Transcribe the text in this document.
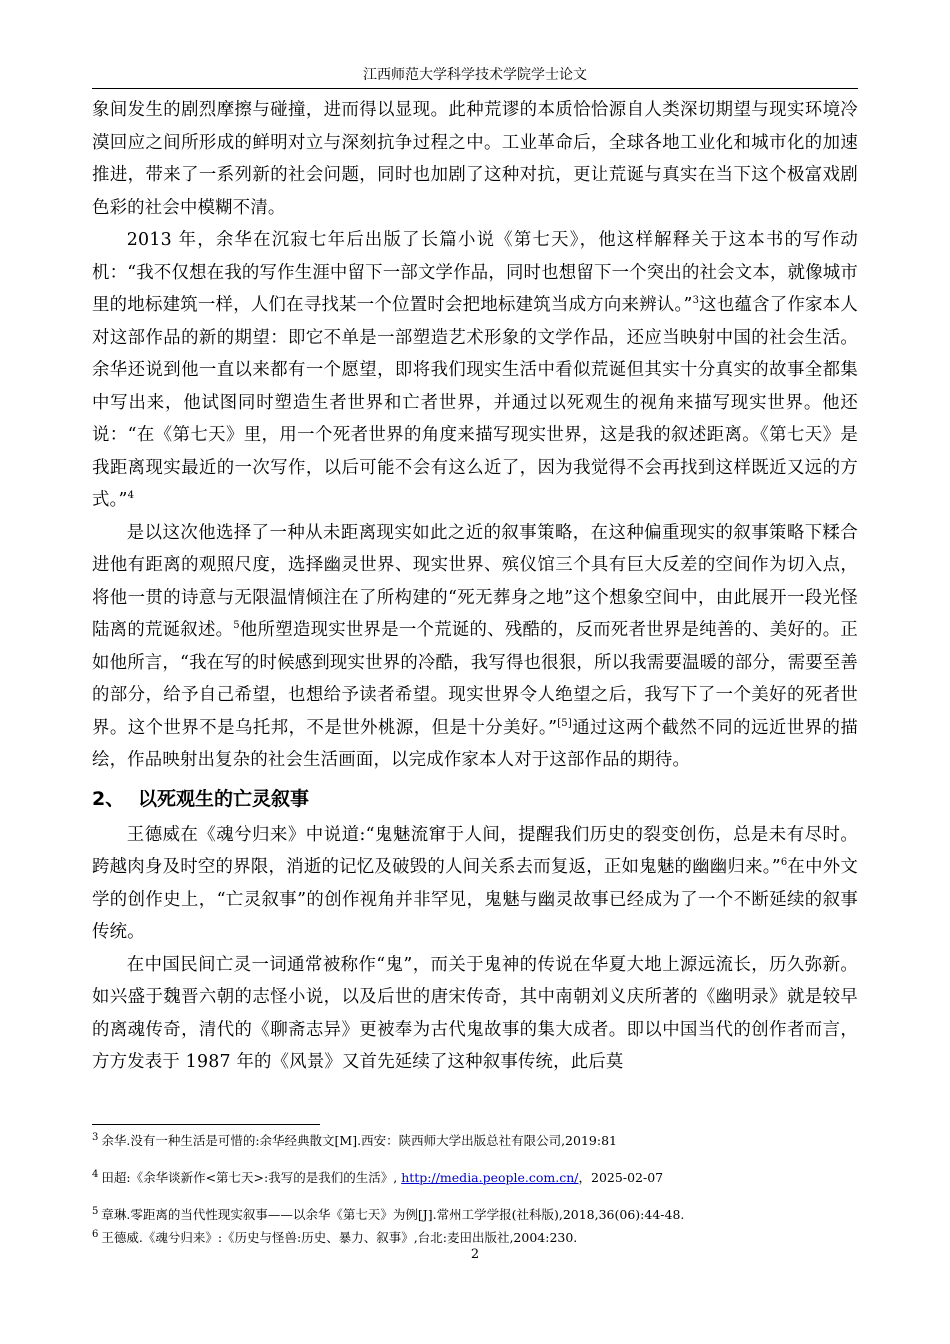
江西师范大学科学技术学院学士论文

象间发生的剧烈摩擦与碰撞，进而得以显现。此种荒谬的本质恰恰源自人类深切期望与现实环境冷漠回应之间所形成的鲜明对立与深刻抗争过程之中。工业革命后，全球各地工业化和城市化的加速推进，带来了一系列新的社会问题，同时也加剧了这种对抗，更让荒诞与真实在当下这个极富戏剧色彩的社会中模糊不清。

2013 年，余华在沉寂七年后出版了长篇小说《第七天》，他这样解释关于这本书的写作动机：“我不仅想在我的写作生涯中留下一部文学作品，同时也想留下一个突出的社会文本，就像城市里的地标建筑一样，人们在寻找某一个位置时会把地标建筑当成方向来辨认。”$^3$这也蕴含了作家本人对这部作品的新的期望：即它不单是一部塑造艺术形象的文学作品，还应当映射中国的社会生活。余华还说到他一直以来都有一个愿望，即将我们现实生活中看似荒诞但其实十分真实的故事全都集中写出来，他试图同时塑造生者世界和亡者世界，并通过以死观生的视角来描写现实世界。他还说：“在《第七天》里，用一个死者世界的角度来描写现实世界，这是我的叙述距离。《第七天》是我距离现实最近的一次写作，以后可能不会有这么近了，因为我觉得不会再找到这样既近又远的方式。”$^4$

是以这次他选择了一种从未距离现实如此之近的叙事策略，在这种偏重现实的叙事策略下糅合进他有距离的观照尺度，选择幽灵世界、现实世界、殡仪馆三个具有巨大反差的空间作为切入点，将他一贯的诗意与无限温情倾注在了所构建的“死无葬身之地”这个想象空间中，由此展开一段光怪陆离的荒诞叙述。$^5$他所塑造现实世界是一个荒诞的、残酷的，反而死者世界是纯善的、美好的。正如他所言，“我在写的时候感到现实世界的冷酷，我写得也很狠，所以我需要温暖的部分，需要至善的部分，给予自己希望，也想给予读者希望。现实世界令人绝望之后，我写下了一个美好的死者世界。这个世界不是乌托邦，不是世外桃源，但是十分美好。”[5]通过这两个截然不同的远近世界的描绘，作品映射出复杂的社会生活画面，以完成作家本人对于这部作品的期待。

2、 以死观生的亡灵叙事

王德威在《魂兮归来》中说道:“鬼魅流窜于人间，提醒我们历史的裂变创伤，总是未有尽时。跨越肉身及时空的界限，消逝的记忆及破毁的人间关系去而复返，正如鬼魅的幽幽归来。”$^6$在中外文学的创作史上，“亡灵叙事”的创作视角并非罕见，鬼魅与幽灵故事已经成为了一个不断延续的叙事传统。

在中国民间亡灵一词通常被称作“鬼”，而关于鬼神的传说在华夏大地上源远流长，历久弥新。如兴盛于魏晋六朝的志怪小说，以及后世的唐宋传奇，其中南朝刘义庆所著的《幽明录》就是较早的离魂传奇，清代的《聊斋志异》更被奉为古代鬼故事的集大成者。即以中国当代的创作者而言，方方发表于 1987 年的《风景》又首先延续了这种叙事传统，此后莫

$^3$ 余华.没有一种生活是可惜的:余华经典散文[M].西安：陕西师大学出版总社有限公司,2019:81

$^4$ 田超:《余华谈新作<第七天>:我写的是我们的生活》, http://media.people.com.cn/，2025-02-07

$^5$ 章琳.零距离的当代性现实叙事——以余华《第七天》为例[J].常州工学学报(社科版),2018,36(06):44-48.

$^6$ 王德威.《魂兮归来》:《历史与怪兽:历史、暴力、叙事》,台北:麦田出版社,2004:230.

2
